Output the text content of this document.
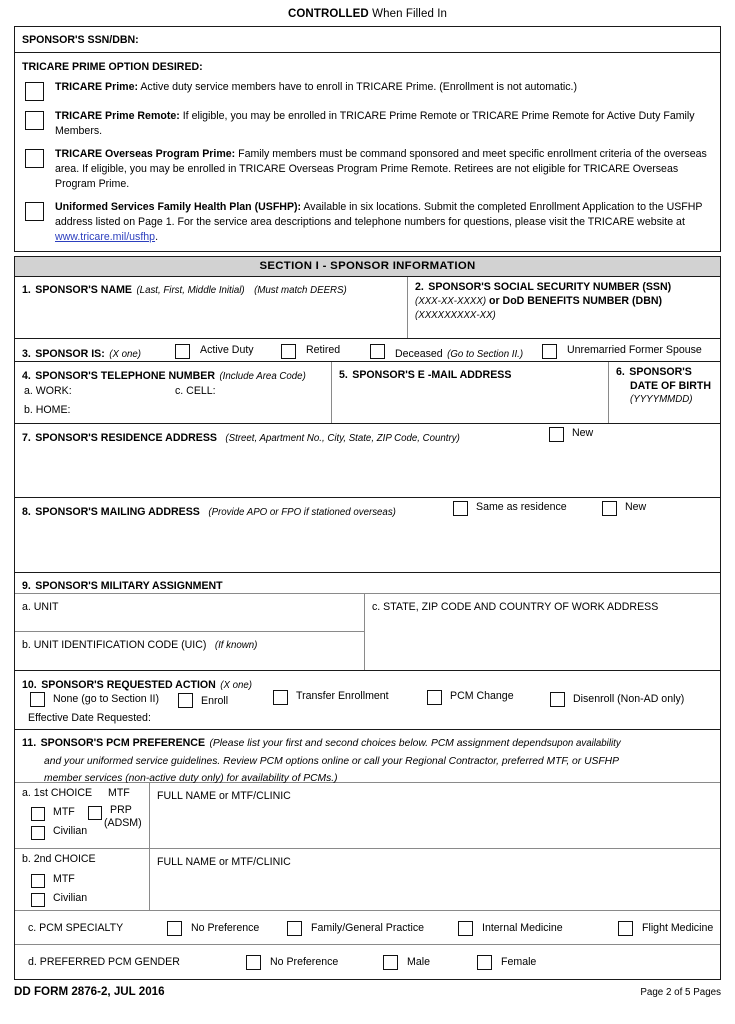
CONTROLLED When Filled In
SPONSOR'S SSN/DBN:
TRICARE PRIME OPTION DESIRED:
TRICARE Prime: Active duty service members have to enroll in TRICARE Prime. (Enrollment is not automatic.)
TRICARE Prime Remote: If eligible, you may be enrolled in TRICARE Prime Remote or TRICARE Prime Remote for Active Duty Family Members.
TRICARE Overseas Program Prime: Family members must be command sponsored and meet specific enrollment criteria of the overseas area. If eligible, you may be enrolled in TRICARE Overseas Program Prime Remote. Retirees are not eligible for TRICARE Overseas Program Prime.
Uniformed Services Family Health Plan (USFHP): Available in six locations. Submit the completed Enrollment Application to the USFHP address listed on Page 1. For the service area descriptions and telephone numbers for questions, please visit the TRICARE website at www.tricare.mil/usfhp.
SECTION I - SPONSOR INFORMATION
1. SPONSOR'S NAME (Last, First, Middle Initial) (Must match DEERS)	2. SPONSOR'S SOCIAL SECURITY NUMBER (SSN)
(XXX-XX-XXXX) or DoD BENEFITS NUMBER (DBN)
(XXXXXXXXX-XX)
3. SPONSOR IS: (X one)	Active Duty	Retired	Deceased (Go to Section II.)	Unremarried Former Spouse
4. SPONSOR'S TELEPHONE NUMBER (Include Area Code)
a. WORK:	c. CELL:
b. HOME:
5. SPONSOR'S E -MAIL ADDRESS	6. SPONSOR'S
DATE OF BIRTH
(YYYYMMDD)
7. SPONSOR'S RESIDENCE ADDRESS (Street, Apartment No., City, State, ZIP Code, Country)	New
8. SPONSOR'S MAILING ADDRESS (Provide APO or FPO if stationed overseas)	Same as residence	New
9. SPONSOR'S MILITARY ASSIGNMENT
a. UNIT
b. UNIT IDENTIFICATION CODE (UIC) (If known)
c. STATE, ZIP CODE AND COUNTRY OF WORK ADDRESS
10. SPONSOR'S REQUESTED ACTION (X one)
None (go to Section II)	Enroll	Transfer Enrollment	PCM Change	Disenroll (Non-AD only)
Effective Date Requested:
11. SPONSOR'S PCM PREFERENCE (Please list your first and second choices below. PCM assignment dependsupon availability
and your uniformed service guidelines. Review PCM options online or call your Regional Contractor, preferred MTF, or USFHP
member services (non-active duty only) for availability of PCMs.)
a. 1st CHOICE MTF
MTF	PRP
(ADSM)
Civilian
FULL NAME or MTF/CLINIC
b. 2nd CHOICE
MTF
Civilian
FULL NAME or MTF/CLINIC
c. PCM SPECIALTY	No Preference	Family/General Practice	Internal Medicine	Flight Medicine
d. PREFERRED PCM GENDER	No Preference	Male	Female
DD FORM 2876-2, JUL 2016	Page 2 of 5 Pages
